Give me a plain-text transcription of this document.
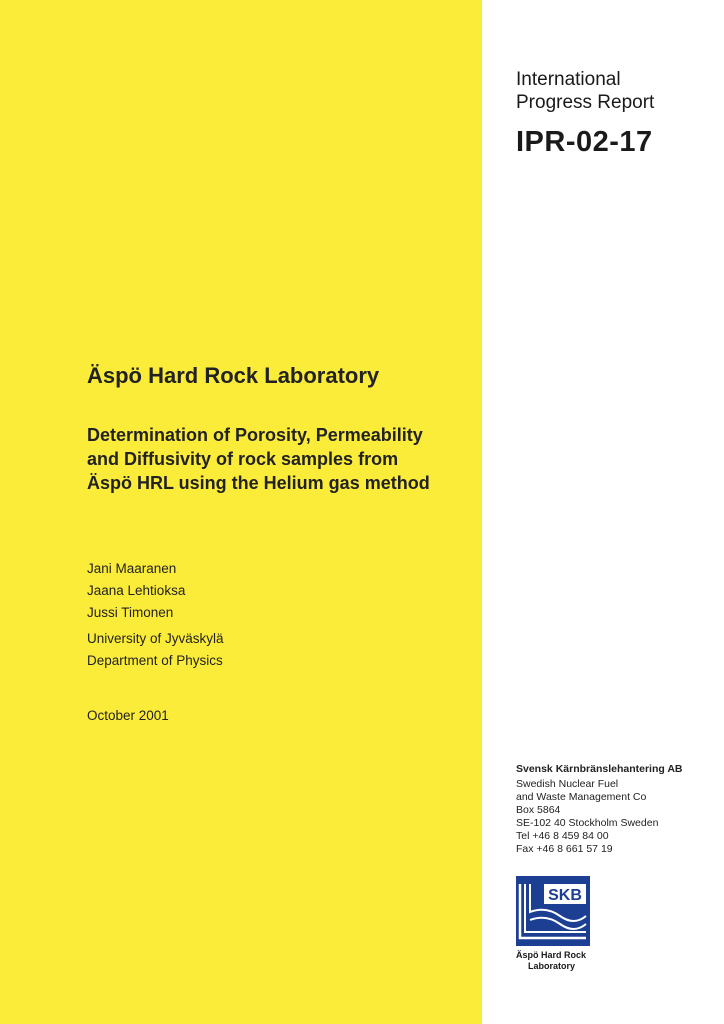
International
Progress Report
IPR-02-17
Äspö Hard Rock Laboratory
Determination of Porosity, Permeability
and Diffusivity of rock samples from
Äspö HRL using the Helium gas method
Jani Maaranen
Jaana Lehtioksa
Jussi Timonen
University of Jyväskylä
Department of Physics
October 2001
Svensk Kärnbränslehantering AB
Swedish Nuclear Fuel
and Waste Management Co
Box 5864
SE-102 40 Stockholm Sweden
Tel +46 8 459 84 00
Fax +46 8 661 57 19
SKB
Äspö Hard Rock
Laboratory
